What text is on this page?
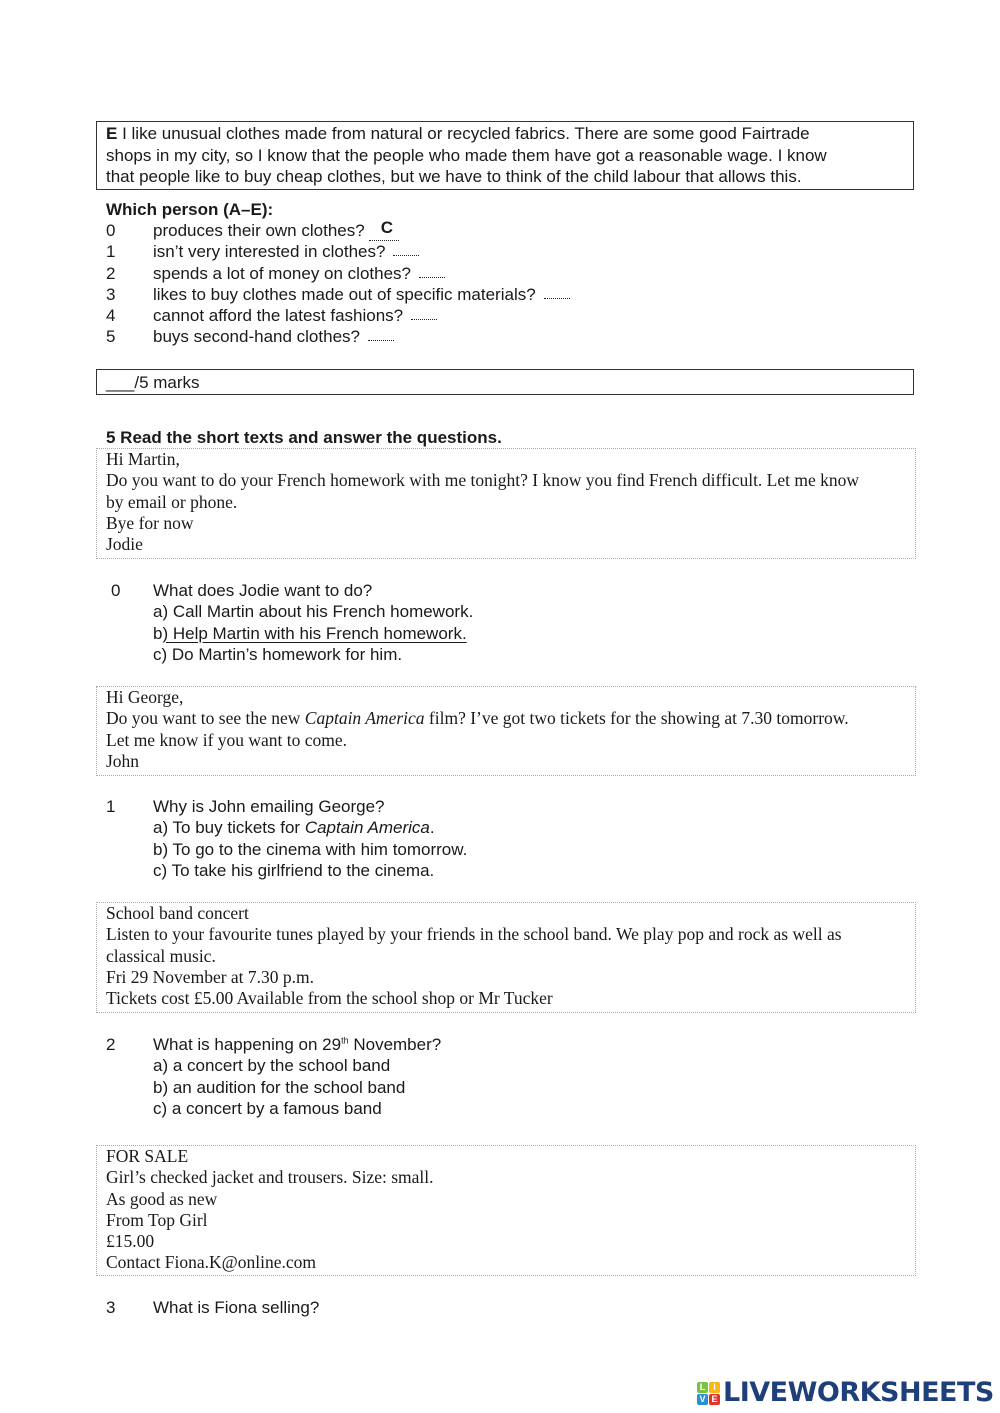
E I like unusual clothes made from natural or recycled fabrics. There are some good Fairtrade
shops in my city, so I know that the people who made them have got a reasonable wage. I know
that people like to buy cheap clothes, but we have to think of the child labour that allows this.
Which person (A–E):
0	produces their own clothes? C
1	isn’t very interested in clothes?
2	spends a lot of money on clothes?
3	likes to buy clothes made out of specific materials?
4	cannot afford the latest fashions?
5	buys second-hand clothes?
___/5 marks
5 Read the short texts and answer the questions.
Hi Martin,
Do you want to do your French homework with me tonight? I know you find French difficult. Let me know
by email or phone.
Bye for now
Jodie
0	What does Jodie want to do?
a) Call Martin about his French homework.
b) Help Martin with his French homework.
c) Do Martin’s homework for him.
Hi George,
Do you want to see the new Captain America film? I’ve got two tickets for the showing at 7.30 tomorrow.
Let me know if you want to come.
John
1	Why is John emailing George?
a) To buy tickets for Captain America.
b) To go to the cinema with him tomorrow.
c) To take his girlfriend to the cinema.
School band concert
Listen to your favourite tunes played by your friends in the school band. We play pop and rock as well as
classical music.
Fri 29 November at 7.30 p.m.
Tickets cost £5.00 Available from the school shop or Mr Tucker
2	What is happening on 29th November?
a) a concert by the school band
b) an audition for the school band
c) a concert by a famous band
FOR SALE
Girl’s checked jacket and trousers. Size: small.
As good as new
From Top Girl
£15.00
Contact Fiona.K@online.com
3	What is Fiona selling?
L I
V E LIVEWORKSHEETS
